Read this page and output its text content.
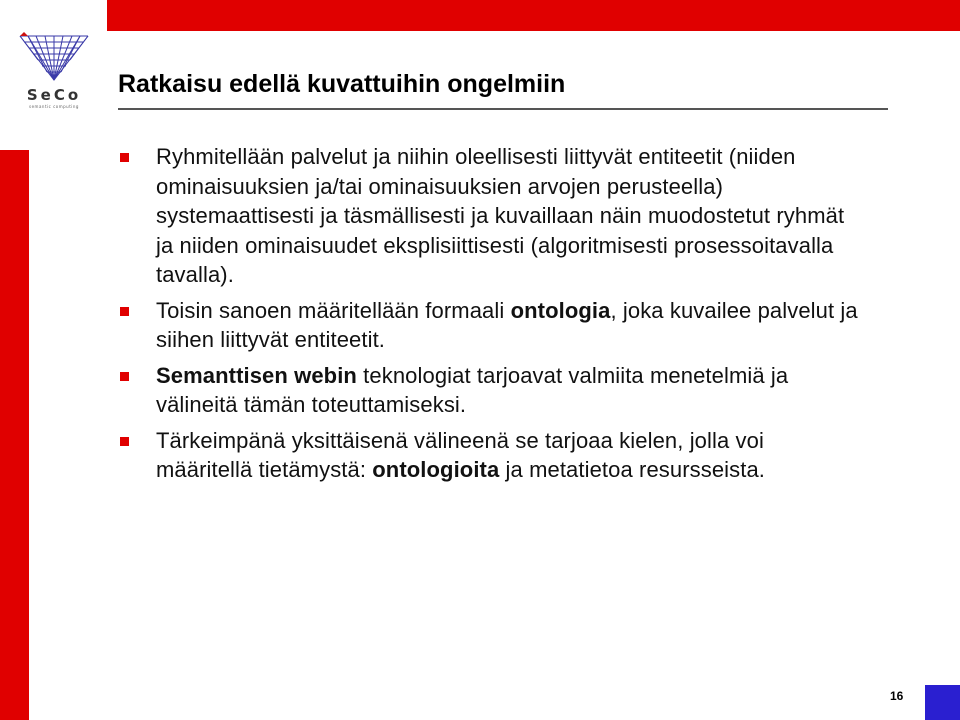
SeCo
semantic computing
Ratkaisu edellä kuvattuihin ongelmiin
Ryhmitellään palvelut ja niihin oleellisesti liittyvät entiteetit (niiden ominaisuuksien ja/tai ominaisuuksien arvojen perusteella) systemaattisesti ja täsmällisesti ja kuvaillaan näin muodostetut ryhmät ja niiden ominaisuudet eksplisiittisesti (algoritmisesti prosessoitavalla tavalla).
Toisin sanoen määritellään formaali ontologia, joka kuvailee palvelut ja siihen liittyvät entiteetit.
Semanttisen webin teknologiat tarjoavat valmiita menetelmiä ja välineitä tämän toteuttamiseksi.
Tärkeimpänä yksittäisenä välineenä se tarjoaa kielen, jolla voi määritellä tietämystä: ontologioita ja metatietoa resursseista.
16
